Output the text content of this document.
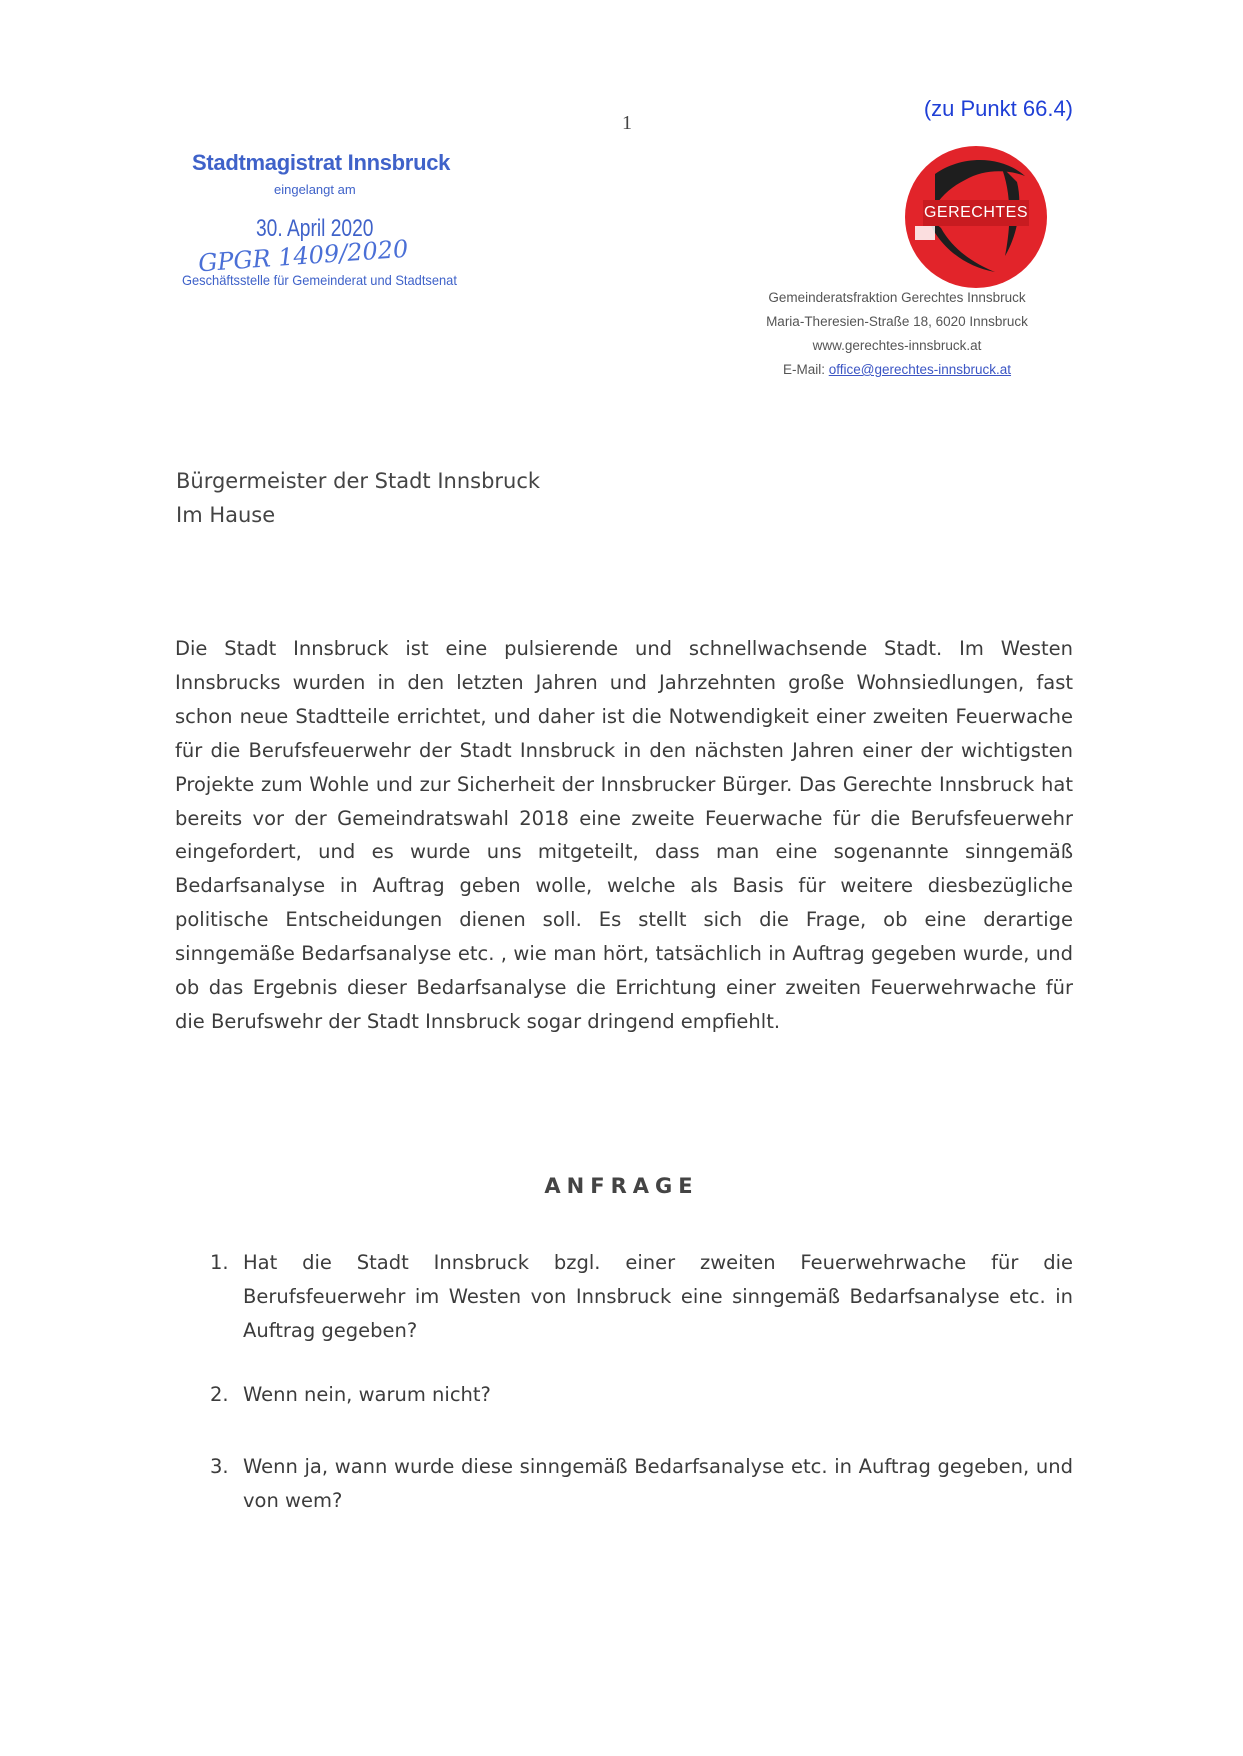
(zu Punkt 66.4)
1
Stadtmagistrat Innsbruck
eingelangt am
30. April 2020
GPGR 1409/2020
Geschäftsstelle für Gemeinderat und Stadtsenat
GERECHTES
Gemeinderatsfraktion Gerechtes Innsbruck
Maria-Theresien-Straße 18, 6020 Innsbruck
www.gerechtes-innsbruck.at
E-Mail: office@gerechtes-innsbruck.at
Bürgermeister der Stadt Innsbruck
Im Hause

Die Stadt Innsbruck ist eine pulsierende und schnellwachsende Stadt. Im Westen Innsbrucks wurden in den letzten Jahren und Jahrzehnten große Wohnsiedlungen, fast schon neue Stadtteile errichtet, und daher ist die Notwendigkeit einer zweiten Feuerwache für die Berufsfeuerwehr der Stadt Innsbruck in den nächsten Jahren einer der wichtigsten Projekte zum Wohle und zur Sicherheit der Innsbrucker Bürger. Das Gerechte Innsbruck hat bereits vor der Gemeindratswahl 2018 eine zweite Feuerwache für die Berufsfeuerwehr eingefordert, und es wurde uns mitgeteilt, dass man eine sogenannte sinngemäß Bedarfsanalyse in Auftrag geben wolle, welche als Basis für weitere diesbezügliche politische Entscheidungen dienen soll. Es stellt sich die Frage, ob eine derartige sinngemäße Bedarfsanalyse etc. , wie man hört, tatsächlich in Auftrag gegeben wurde, und ob das Ergebnis dieser Bedarfsanalyse die Errichtung einer zweiten Feuerwehrwache für die Berufswehr der Stadt Innsbruck sogar dringend empfiehlt.

ANFRAGE
1. Hat die Stadt Innsbruck bzgl. einer zweiten Feuerwehrwache für die Berufsfeuerwehr im Westen von Innsbruck eine sinngemäß Bedarfsanalyse etc. in Auftrag gegeben?
2. Wenn nein, warum nicht?
3. Wenn ja, wann wurde diese sinngemäß Bedarfsanalyse etc. in Auftrag gegeben, und von wem?
